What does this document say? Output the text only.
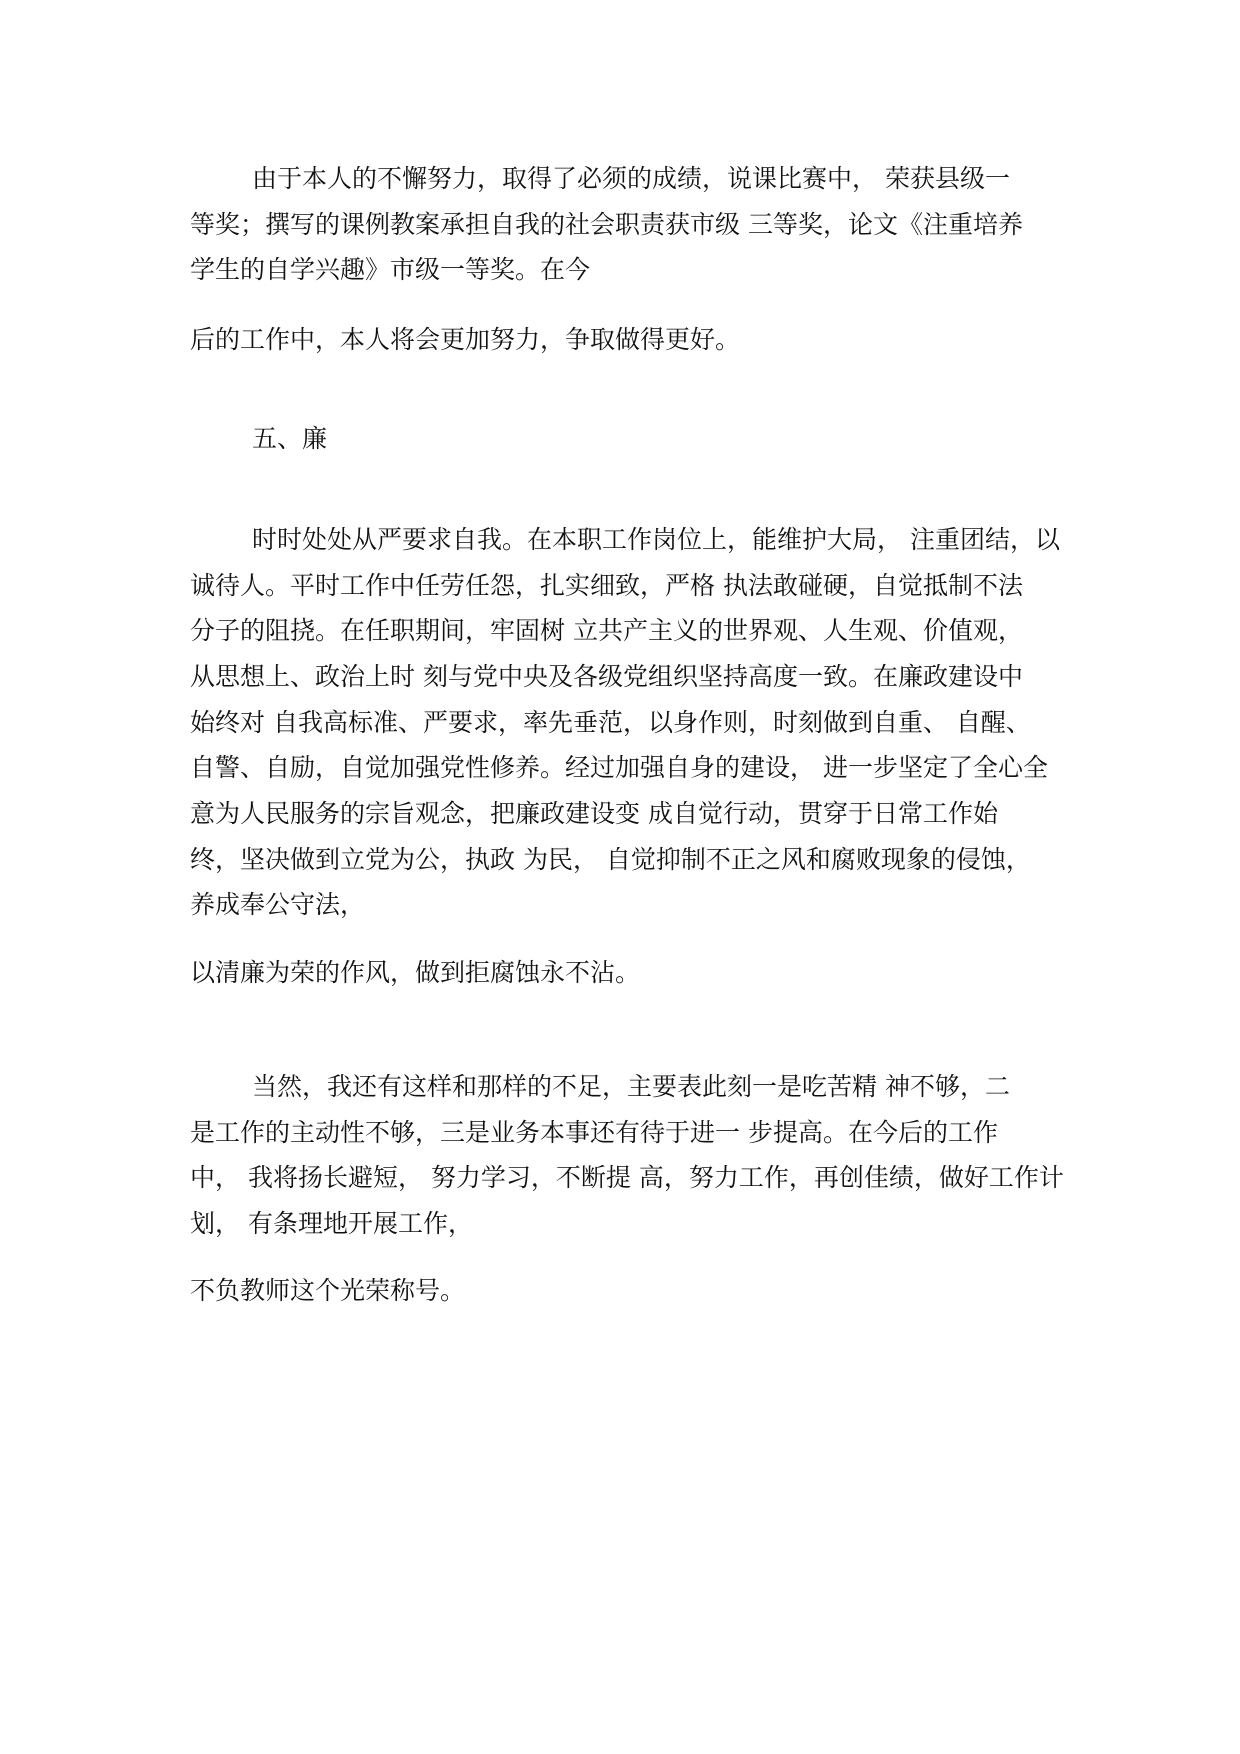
由于本人的不懈努力，取得了必须的成绩，说课比赛中， 荣获县级一
等奖；撰写的课例教案承担自我的社会职责获市级 三等奖，论文《注重培养
学生的自学兴趣》市级一等奖。在今
后的工作中，本人将会更加努力，争取做得更好。
五、廉
时时处处从严要求自我。在本职工作岗位上，能维护大局， 注重团结，以
诚待人。平时工作中任劳任怨，扎实细致，严格 执法敢碰硬，自觉抵制不法
分子的阻挠。在任职期间，牢固树 立共产主义的世界观、人生观、价值观，
从思想上、政治上时 刻与党中央及各级党组织坚持高度一致。在廉政建设中
始终对 自我高标准、严要求，率先垂范，以身作则，时刻做到自重、 自醒、
自警、自励，自觉加强党性修养。经过加强自身的建设， 进一步坚定了全心全
意为人民服务的宗旨观念，把廉政建设变 成自觉行动，贯穿于日常工作始
终，坚决做到立党为公，执政 为民， 自觉抑制不正之风和腐败现象的侵蚀，
养成奉公守法，
以清廉为荣的作风，做到拒腐蚀永不沾。
当然，我还有这样和那样的不足，主要表此刻一是吃苦精 神不够，二
是工作的主动性不够，三是业务本事还有待于进一 步提高。在今后的工作
中， 我将扬长避短， 努力学习，不断提 高，努力工作，再创佳绩，做好工作计
划， 有条理地开展工作，
不负教师这个光荣称号。
